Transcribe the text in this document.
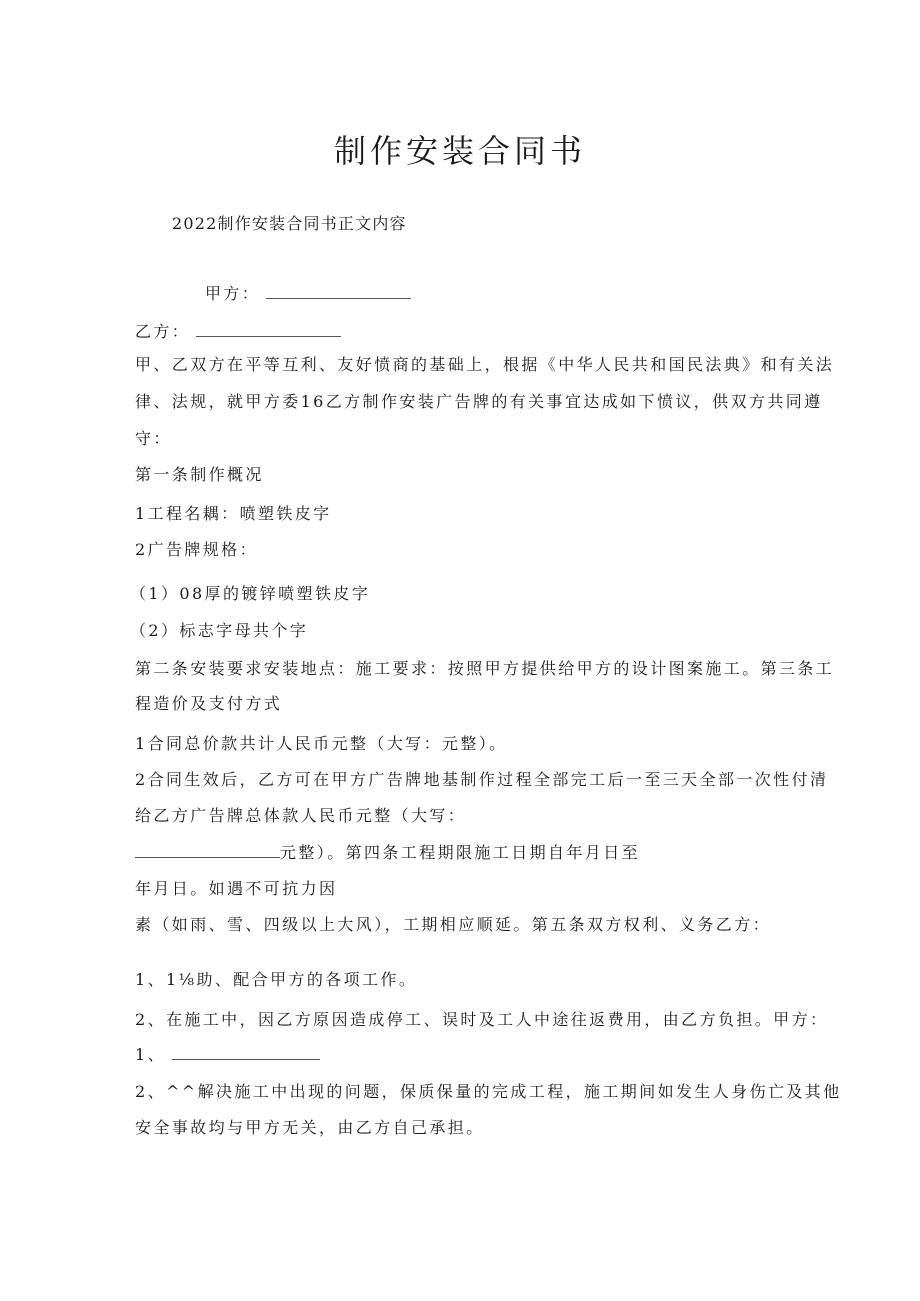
制作安装合同书

2022制作安装合同书正文内容

甲方：

乙方：

甲、乙双方在平等互利、友好愤商的基础上，根据《中华人民共和国民法典》和有关法

律、法规，就甲方委16乙方制作安装广告牌的有关事宜达成如下愤议，供双方共同遵

守：

第一条制作概况

1工程名耦：喷塑铁皮字

2广告牌规格：

（1）08厚的镀锌喷塑铁皮字

（2）标志字母共个字

第二条安装要求安装地点：施工要求：按照甲方提供给甲方的设计图案施工。第三条工

程造价及支付方式

1合同总价款共计人民币元整（大写：元整）。

2合同生效后，乙方可在甲方广告牌地基制作过程全部完工后一至三天全部一次性付清

给乙方广告牌总体款人民币元整（大写：

元整）。第四条工程期限施工日期自年月日至

年月日。如遇不可抗力因

素（如雨、雪、四级以上大风），工期相应顺延。第五条双方权利、义务乙方：

1、1⅛助、配合甲方的各项工作。

2、在施工中，因乙方原因造成停工、误时及工人中途往返费用，由乙方负担。甲方：

1、

2、^^解决施工中出现的问题，保质保量的完成工程，施工期间如发生人身伤亡及其他

安全事故均与甲方无关，由乙方自己承担。
